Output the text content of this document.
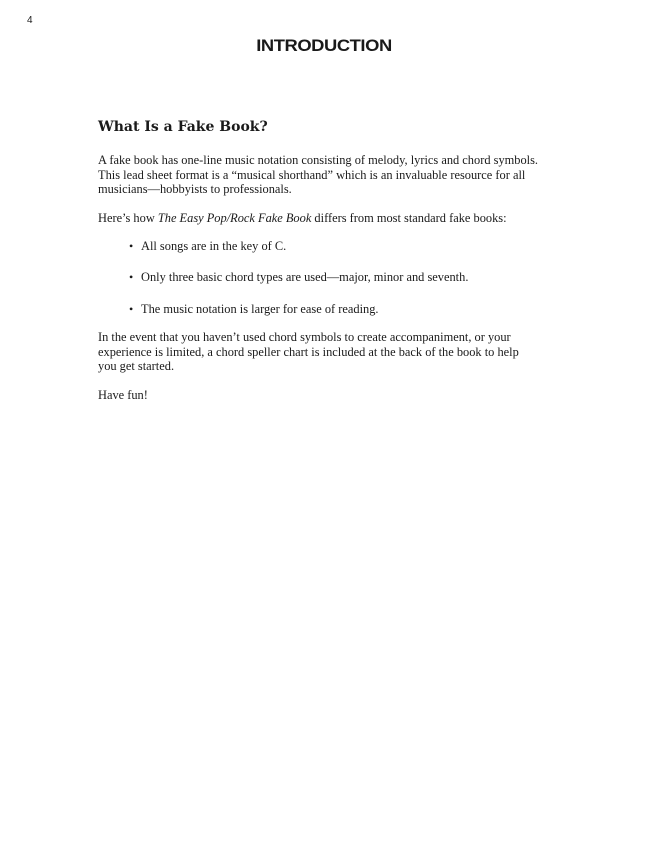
4
INTRODUCTION
What Is a Fake Book?

A fake book has one-line music notation consisting of melody, lyrics and chord symbols.
This lead sheet format is a “musical shorthand” which is an invaluable resource for all
musicians—hobbyists to professionals.

Here’s how The Easy Pop/Rock Fake Book differs from most standard fake books:

• All songs are in the key of C.
• Only three basic chord types are used—major, minor and seventh.
• The music notation is larger for ease of reading.

In the event that you haven’t used chord symbols to create accompaniment, or your
experience is limited, a chord speller chart is included at the back of the book to help
you get started.

Have fun!
